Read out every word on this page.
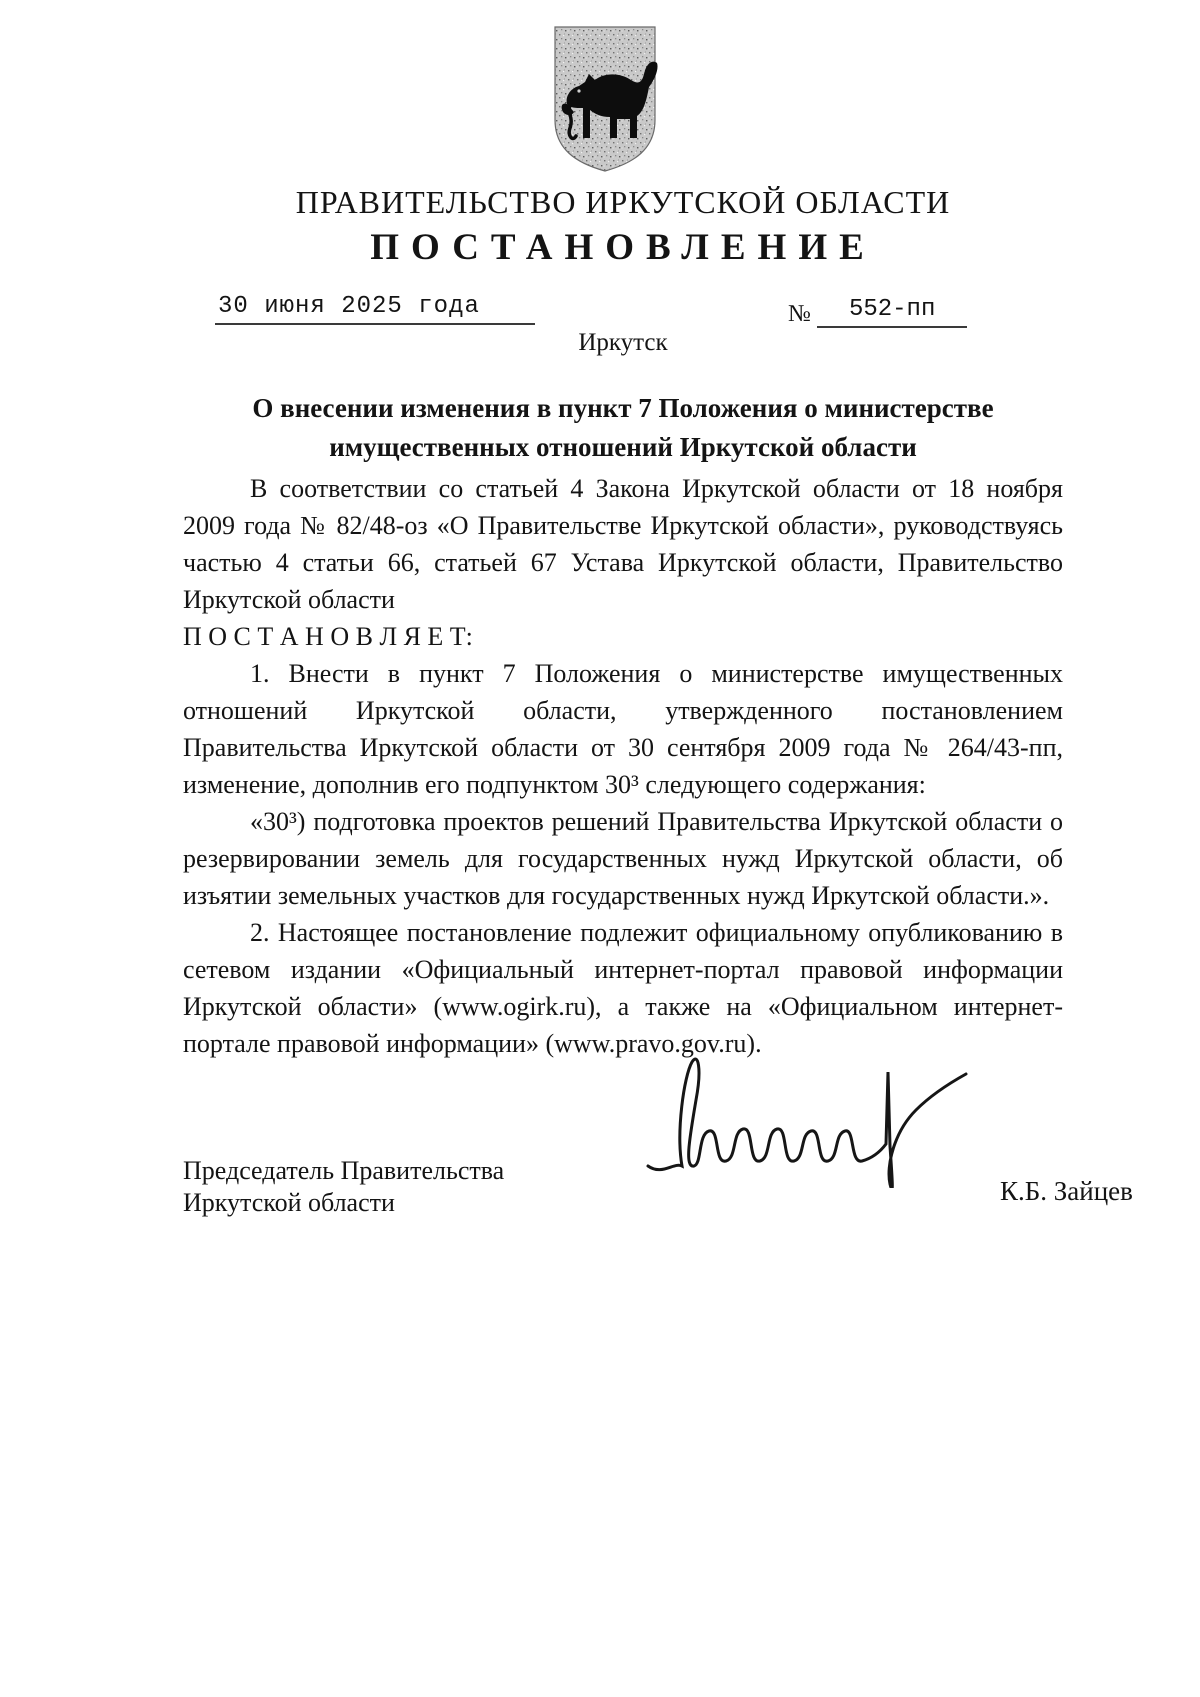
ПРАВИТЕЛЬСТВО ИРКУТСКОЙ ОБЛАСТИ
ПОСТАНОВЛЕНИЕ
30 июня 2025 года	№ 552-пп
Иркутск
О внесении изменения в пункт 7 Положения о министерстве имущественных отношений Иркутской области

В соответствии со статьей 4 Закона Иркутской области от 18 ноября 2009 года № 82/48-оз «О Правительстве Иркутской области», руководствуясь частью 4 статьи 66, статьей 67 Устава Иркутской области, Правительство Иркутской области

П О С Т А Н О В Л Я Е Т:

1. Внести в пункт 7 Положения о министерстве имущественных отношений Иркутской области, утвержденного постановлением Правительства Иркутской области от 30 сентября 2009 года № 264/43-пп, изменение, дополнив его подпунктом 30³ следующего содержания:

«30³) подготовка проектов решений Правительства Иркутской области о резервировании земель для государственных нужд Иркутской области, об изъятии земельных участков для государственных нужд Иркутской области.».

2. Настоящее постановление подлежит официальному опубликованию в сетевом издании «Официальный интернет-портал правовой информации Иркутской области» (www.ogirk.ru), а также на «Официальном интернет-портале правовой информации» (www.pravo.gov.ru).

Председатель Правительства
Иркутской области	К.Б. Зайцев
